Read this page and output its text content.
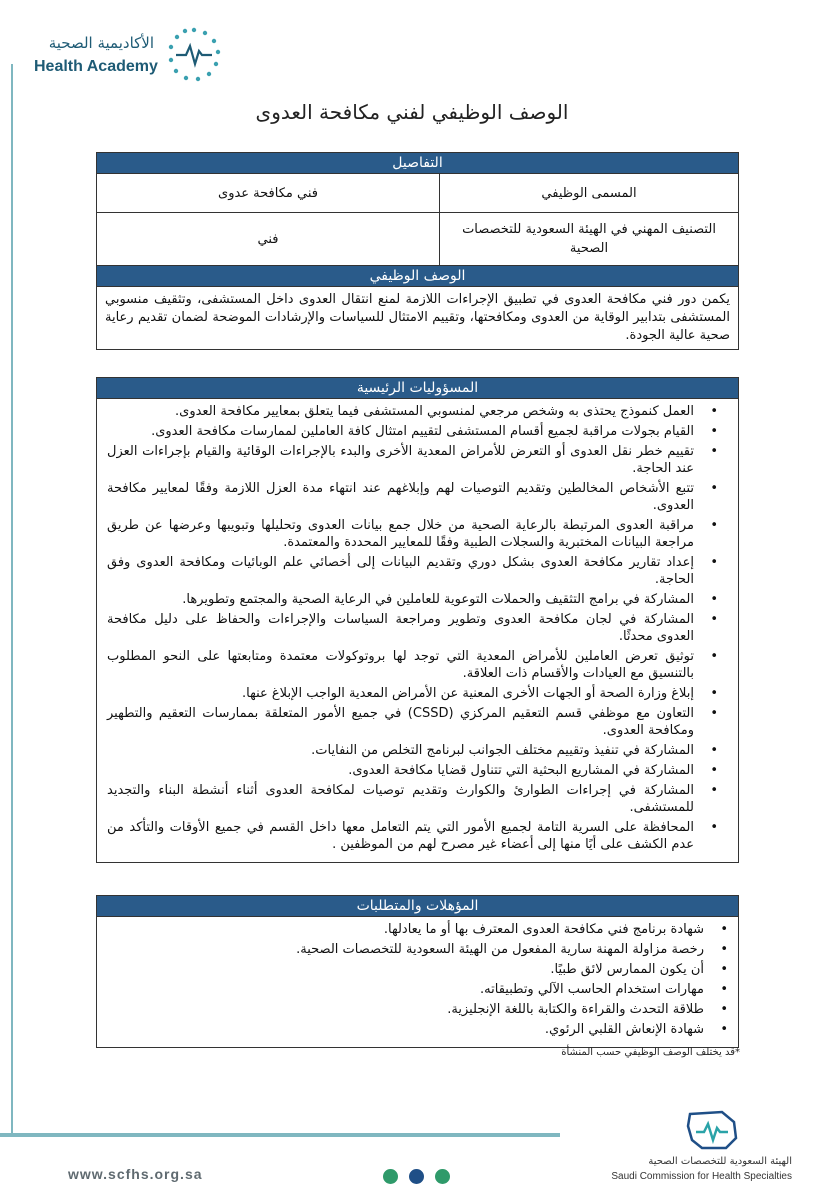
الأكاديمية الصحية
Health Academy
الوصف الوظيفي لفني مكافحة العدوى
التفاصيل
المسمى الوظيفي	فني مكافحة عدوى
التصنيف المهني في الهيئة السعودية للتخصصات الصحية	فني
الوصف الوظيفي
يكمن دور فني مكافحة العدوى في تطبيق الإجراءات اللازمة لمنع انتقال العدوى داخل المستشفى، وتثقيف منسوبي المستشفى بتدابير الوقاية من العدوى ومكافحتها، وتقييم الامتثال للسياسات والإرشادات الموضحة لضمان تقديم رعاية صحية عالية الجودة.
المسؤوليات الرئيسية
• العمل كنموذج يحتذى به وشخص مرجعي لمنسوبي المستشفى فيما يتعلق بمعايير مكافحة العدوى.
• القيام بجولات مراقبة لجميع أقسام المستشفى لتقييم امتثال كافة العاملين لممارسات مكافحة العدوى.
• تقييم خطر نقل العدوى أو التعرض للأمراض المعدية الأخرى والبدء بالإجراءات الوقائية والقيام بإجراءات العزل عند الحاجة.
• تتبع الأشخاص المخالطين وتقديم التوصيات لهم وإبلاغهم عند انتهاء مدة العزل اللازمة وفقًا لمعايير مكافحة العدوى.
• مراقبة العدوى المرتبطة بالرعاية الصحية من خلال جمع بيانات العدوى وتحليلها وتبويبها وعرضها عن طريق مراجعة البيانات المختبرية والسجلات الطبية وفقًا للمعايير المحددة والمعتمدة.
• إعداد تقارير مكافحة العدوى بشكل دوري وتقديم البيانات إلى أخصائي علم الوبائيات ومكافحة العدوى وفق الحاجة.
• المشاركة في برامج التثقيف والحملات التوعوية للعاملين في الرعاية الصحية والمجتمع وتطويرها.
• المشاركة في لجان مكافحة العدوى وتطوير ومراجعة السياسات والإجراءات والحفاظ على دليل مكافحة العدوى محدثًا.
• توثيق تعرض العاملين للأمراض المعدية التي توجد لها بروتوكولات معتمدة ومتابعتها على النحو المطلوب بالتنسيق مع العيادات والأقسام ذات العلاقة.
• إبلاغ وزارة الصحة أو الجهات الأخرى المعنية عن الأمراض المعدية الواجب الإبلاغ عنها.
• التعاون مع موظفي قسم التعقيم المركزي (CSSD) في جميع الأمور المتعلقة بممارسات التعقيم والتطهير ومكافحة العدوى.
• المشاركة في تنفيذ وتقييم مختلف الجوانب لبرنامج التخلص من النفايات.
• المشاركة في المشاريع البحثية التي تتناول قضايا مكافحة العدوى.
• المشاركة في إجراءات الطوارئ والكوارث وتقديم توصيات لمكافحة العدوى أثناء أنشطة البناء والتجديد للمستشفى.
• المحافظة على السرية التامة لجميع الأمور التي يتم التعامل معها داخل القسم في جميع الأوقات والتأكد من عدم الكشف على أيًا منها إلى أعضاء غير مصرح لهم من الموظفين .
المؤهلات والمتطلبات
• شهادة برنامج فني مكافحة العدوى المعترف بها أو ما يعادلها.
• رخصة مزاولة المهنة سارية المفعول من الهيئة السعودية للتخصصات الصحية.
• أن يكون الممارس لائق طبيًا.
• مهارات استخدام الحاسب الآلي وتطبيقاته.
• طلاقة التحدث والقراءة والكتابة باللغة الإنجليزية.
• شهادة الإنعاش القلبي الرئوي.
*قد يختلف الوصف الوظيفي حسب المنشأة
www.scfhs.org.sa
الهيئة السعودية للتخصصات الصحية
Saudi Commission for Health Specialties
